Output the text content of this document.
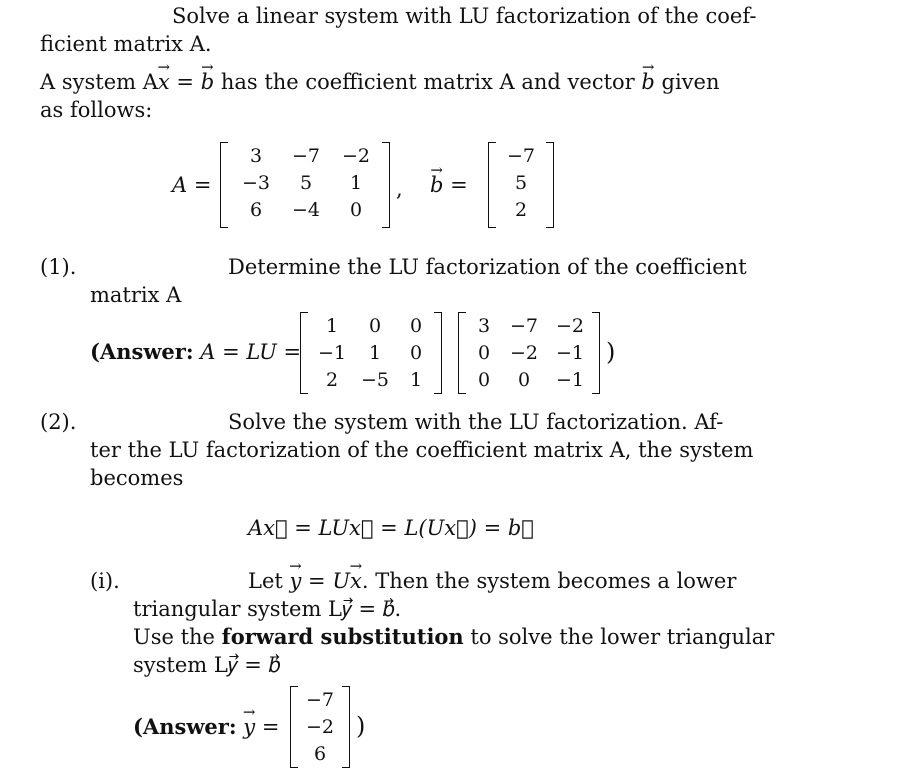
Solve a linear system with LU factorization of the coef-
ficient matrix A.
A system A→ x = → b has the coefficient matrix A and vector → b given
as follows:
A =
3	−7	−2
−3	5	1
6	−4	0
, → b =
−7
5
2
(1).	Determine the LU factorization of the coefficient
matrix A
(Answer: A = LU =
1	0	0
−1	1	0
2	−5	1
3	−7 −2
0	−2 −1
0	0	−1
)
(2).	Solve the system with the LU factorization. Af-
ter the LU factorization of the coefficient matrix A, the system
becomes
A𝑥⃗ = LU𝑥⃗ = L(U𝑥⃗) = 𝑏⃗
(i).	Let → y = U→ x. Then the system becomes a lower
triangular system L𝑦⃗ = 𝑏⃗.
Use the forward substitution to solve the lower triangular
system L𝑦⃗ = 𝑏⃗
(Answer: → y =
−7
−2
6
)
